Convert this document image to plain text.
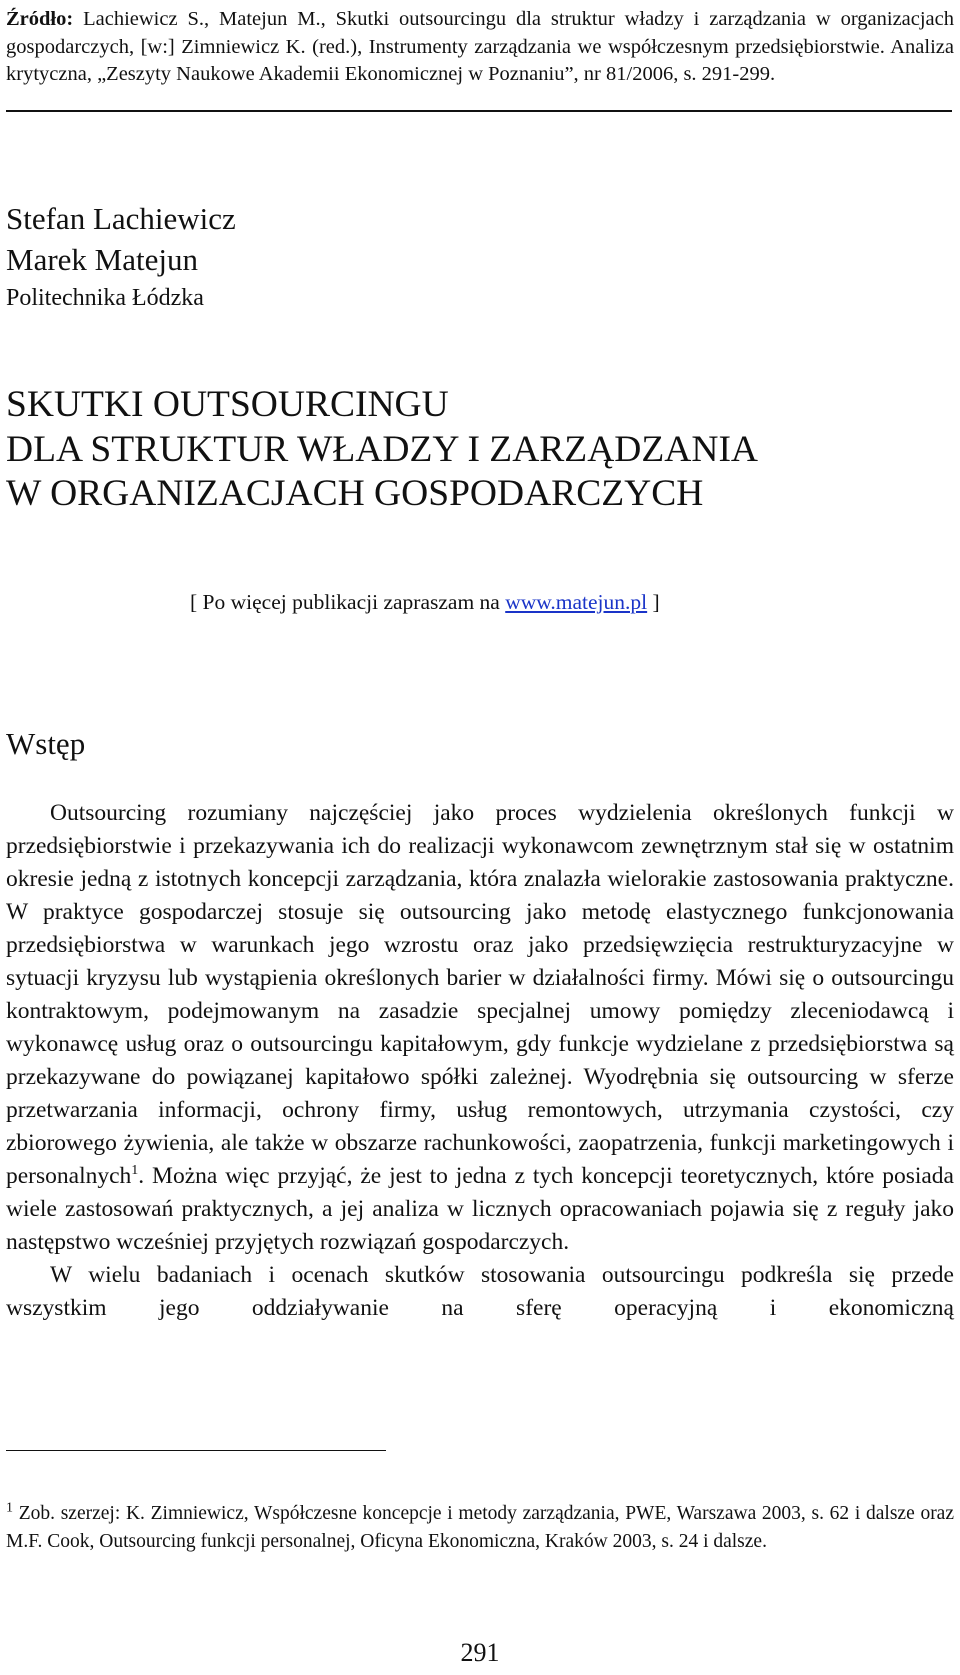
Źródło: Lachiewicz S., Matejun M., Skutki outsourcingu dla struktur władzy i zarządzania w organizacjach gospodarczych, [w:] Zimniewicz K. (red.), Instrumenty zarządzania we współczesnym przedsiębiorstwie. Analiza krytyczna, „Zeszyty Naukowe Akademii Ekonomicznej w Poznaniu”, nr 81/2006, s. 291-299.
Stefan Lachiewicz
Marek Matejun
Politechnika Łódzka
SKUTKI OUTSOURCINGU
DLA STRUKTUR WŁADZY I ZARZĄDZANIA
W ORGANIZACJACH GOSPODARCZYCH
[ Po więcej publikacji zapraszam na www.matejun.pl ]
Wstęp

Outsourcing rozumiany najczęściej jako proces wydzielenia określonych funkcji w przedsiębiorstwie i przekazywania ich do realizacji wykonawcom zewnętrznym stał się w ostatnim okresie jedną z istotnych koncepcji zarządzania, która znalazła wielorakie zastosowania praktyczne. W praktyce gospodarczej stosuje się outsourcing jako metodę elastycznego funkcjonowania przedsiębiorstwa w warunkach jego wzrostu oraz jako przedsięwzięcia restrukturyzacyjne w sytuacji kryzysu lub wystąpienia określonych barier w działalności firmy. Mówi się o outsourcingu kontraktowym, podejmowanym na zasadzie specjalnej umowy pomiędzy zleceniodawcą i wykonawcę usług oraz o outsourcingu kapitałowym, gdy funkcje wydzielane z przedsiębiorstwa są przekazywane do powiązanej kapitałowo spółki zależnej. Wyodrębnia się outsourcing w sferze przetwarzania informacji, ochrony firmy, usług remontowych, utrzymania czystości, czy zbiorowego żywienia, ale także w obszarze rachunkowości, zaopatrzenia, funkcji marketingowych i personalnych$^1$. Można więc przyjąć, że jest to jedna z tych koncepcji teoretycznych, które posiada wiele zastosowań praktycznych, a jej analiza w licznych opracowaniach pojawia się z reguły jako następstwo wcześniej przyjętych rozwiązań gospodarczych.

W wielu badaniach i ocenach skutków stosowania outsourcingu podkreśla się przede wszystkim jego oddziaływanie na sferę operacyjną i ekonomiczną

$^1$ Zob. szerzej: K. Zimniewicz, Współczesne koncepcje i metody zarządzania, PWE, Warszawa 2003, s. 62 i dalsze oraz M.F. Cook, Outsourcing funkcji personalnej, Oficyna Ekonomiczna, Kraków 2003, s. 24 i dalsze.
291
